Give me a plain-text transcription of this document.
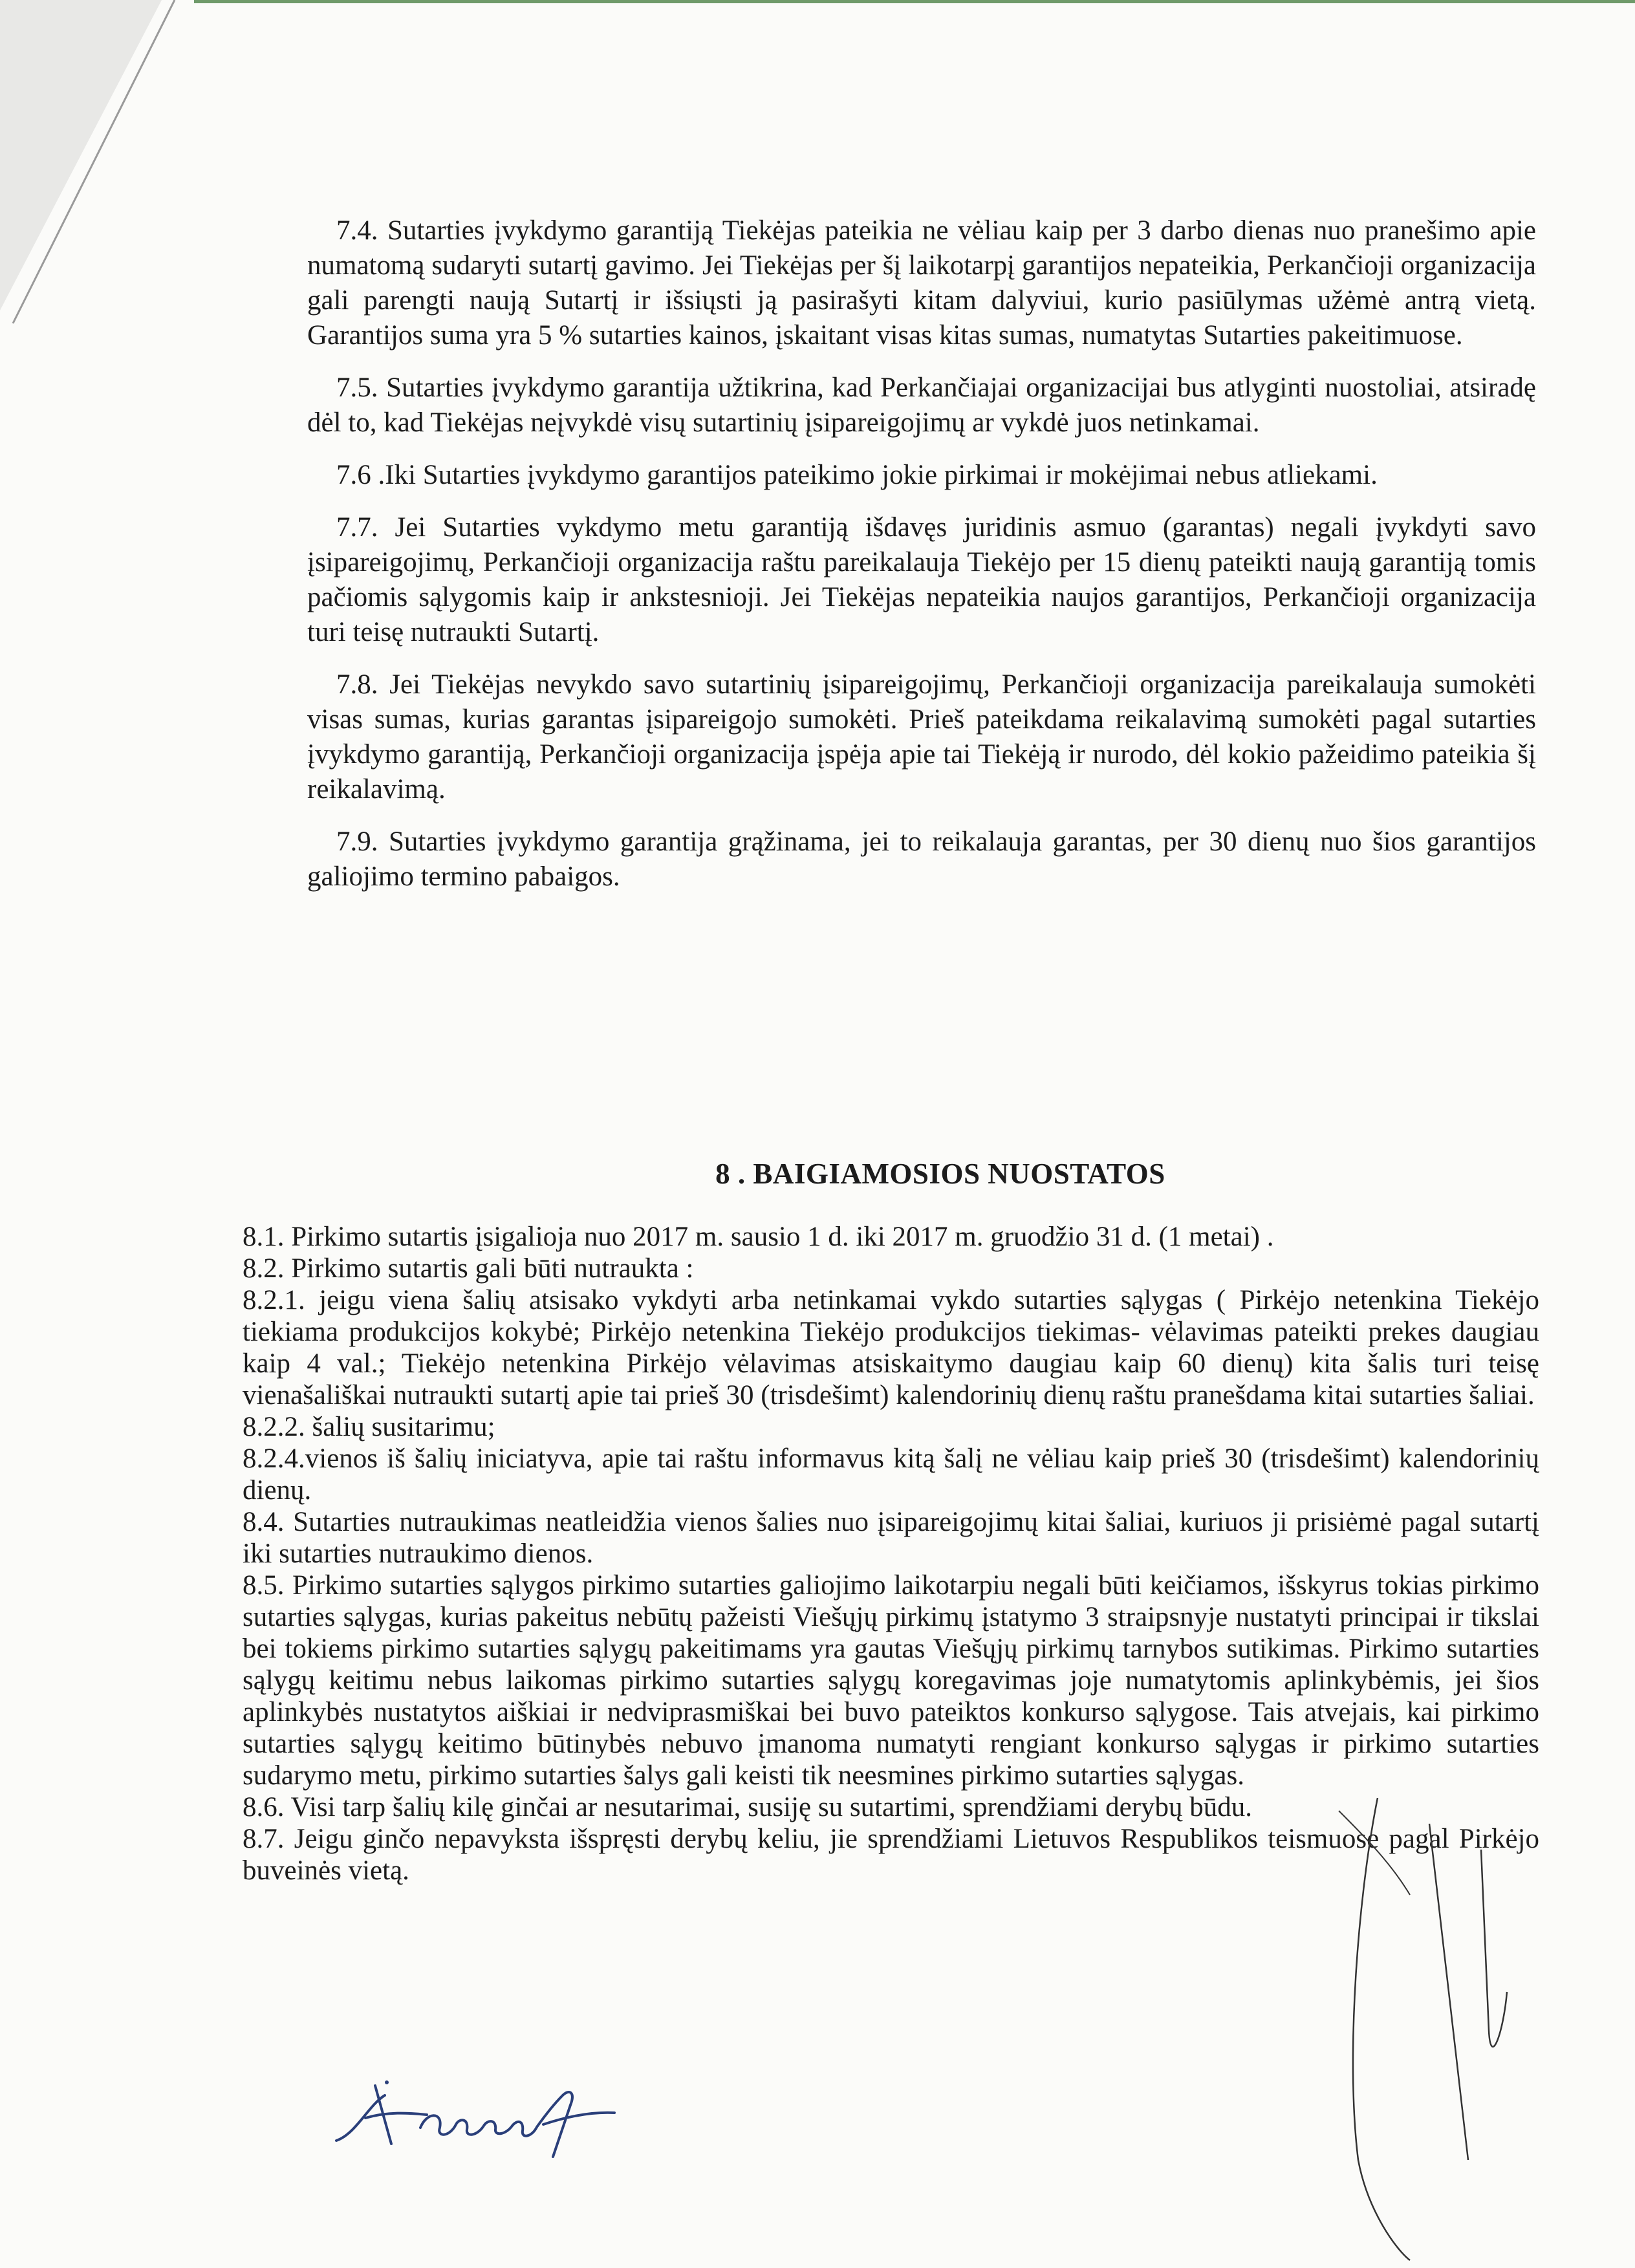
7.4. Sutarties įvykdymo garantiją Tiekėjas pateikia ne vėliau kaip per 3 darbo dienas nuo pranešimo apie numatomą sudaryti sutartį gavimo. Jei Tiekėjas per šį laikotarpį garantijos nepateikia, Perkančioji organizacija gali parengti naują Sutartį ir išsiųsti ją pasirašyti kitam dalyviui, kurio pasiūlymas užėmė antrą vietą. Garantijos suma yra 5 % sutarties kainos, įskaitant visas kitas sumas, numatytas Sutarties pakeitimuose.

7.5. Sutarties įvykdymo garantija užtikrina, kad Perkančiajai organizacijai bus atlyginti nuostoliai, atsiradę dėl to, kad Tiekėjas neįvykdė visų sutartinių įsipareigojimų ar vykdė juos netinkamai.

7.6 .Iki Sutarties įvykdymo garantijos pateikimo jokie pirkimai ir mokėjimai nebus atliekami.

7.7. Jei Sutarties vykdymo metu garantiją išdavęs juridinis asmuo (garantas) negali įvykdyti savo įsipareigojimų, Perkančioji organizacija raštu pareikalauja Tiekėjo per 15 dienų pateikti naują garantiją tomis pačiomis sąlygomis kaip ir ankstesnioji. Jei Tiekėjas nepateikia naujos garantijos, Perkančioji organizacija turi teisę nutraukti Sutartį.

7.8. Jei Tiekėjas nevykdo savo sutartinių įsipareigojimų, Perkančioji organizacija pareikalauja sumokėti visas sumas, kurias garantas įsipareigojo sumokėti. Prieš pateikdama reikalavimą sumokėti pagal sutarties įvykdymo garantiją, Perkančioji organizacija įspėja apie tai Tiekėją ir nurodo, dėl kokio pažeidimo pateikia šį reikalavimą.

7.9. Sutarties įvykdymo garantija grąžinama, jei to reikalauja garantas, per 30 dienų nuo šios garantijos galiojimo termino pabaigos.

8 . BAIGIAMOSIOS NUOSTATOS

8.1. Pirkimo sutartis įsigalioja nuo 2017 m. sausio 1 d. iki 2017 m. gruodžio 31 d. (1 metai) .

8.2. Pirkimo sutartis gali būti nutraukta :

8.2.1. jeigu viena šalių atsisako vykdyti arba netinkamai vykdo sutarties sąlygas ( Pirkėjo netenkina Tiekėjo tiekiama produkcijos kokybė; Pirkėjo netenkina Tiekėjo produkcijos tiekimas- vėlavimas pateikti prekes daugiau kaip 4 val.; Tiekėjo netenkina Pirkėjo vėlavimas atsiskaitymo daugiau kaip 60 dienų) kita šalis turi teisę vienašališkai nutraukti sutartį apie tai prieš 30 (trisdešimt) kalendorinių dienų raštu pranešdama kitai sutarties šaliai.

8.2.2. šalių susitarimu;

8.2.4.vienos iš šalių iniciatyva, apie tai raštu informavus kitą šalį ne vėliau kaip prieš 30 (trisdešimt) kalendorinių dienų.

8.4. Sutarties nutraukimas neatleidžia vienos šalies nuo įsipareigojimų kitai šaliai, kuriuos ji prisiėmė pagal sutartį iki sutarties nutraukimo dienos.

8.5. Pirkimo sutarties sąlygos pirkimo sutarties galiojimo laikotarpiu negali būti keičiamos, išskyrus tokias pirkimo sutarties sąlygas, kurias pakeitus nebūtų pažeisti Viešųjų pirkimų įstatymo 3 straipsnyje nustatyti principai ir tikslai bei tokiems pirkimo sutarties sąlygų pakeitimams yra gautas Viešųjų pirkimų tarnybos sutikimas. Pirkimo sutarties sąlygų keitimu nebus laikomas pirkimo sutarties sąlygų koregavimas joje numatytomis aplinkybėmis, jei šios aplinkybės nustatytos aiškiai ir nedviprasmiškai bei buvo pateiktos konkurso sąlygose. Tais atvejais, kai pirkimo sutarties sąlygų keitimo būtinybės nebuvo įmanoma numatyti rengiant konkurso sąlygas ir pirkimo sutarties sudarymo metu, pirkimo sutarties šalys gali keisti tik neesmines pirkimo sutarties sąlygas.

8.6. Visi tarp šalių kilę ginčai ar nesutarimai, susiję su sutartimi, sprendžiami derybų būdu.

8.7. Jeigu ginčo nepavyksta išspręsti derybų keliu, jie sprendžiami Lietuvos Respublikos teismuose pagal Pirkėjo buveinės vietą.
